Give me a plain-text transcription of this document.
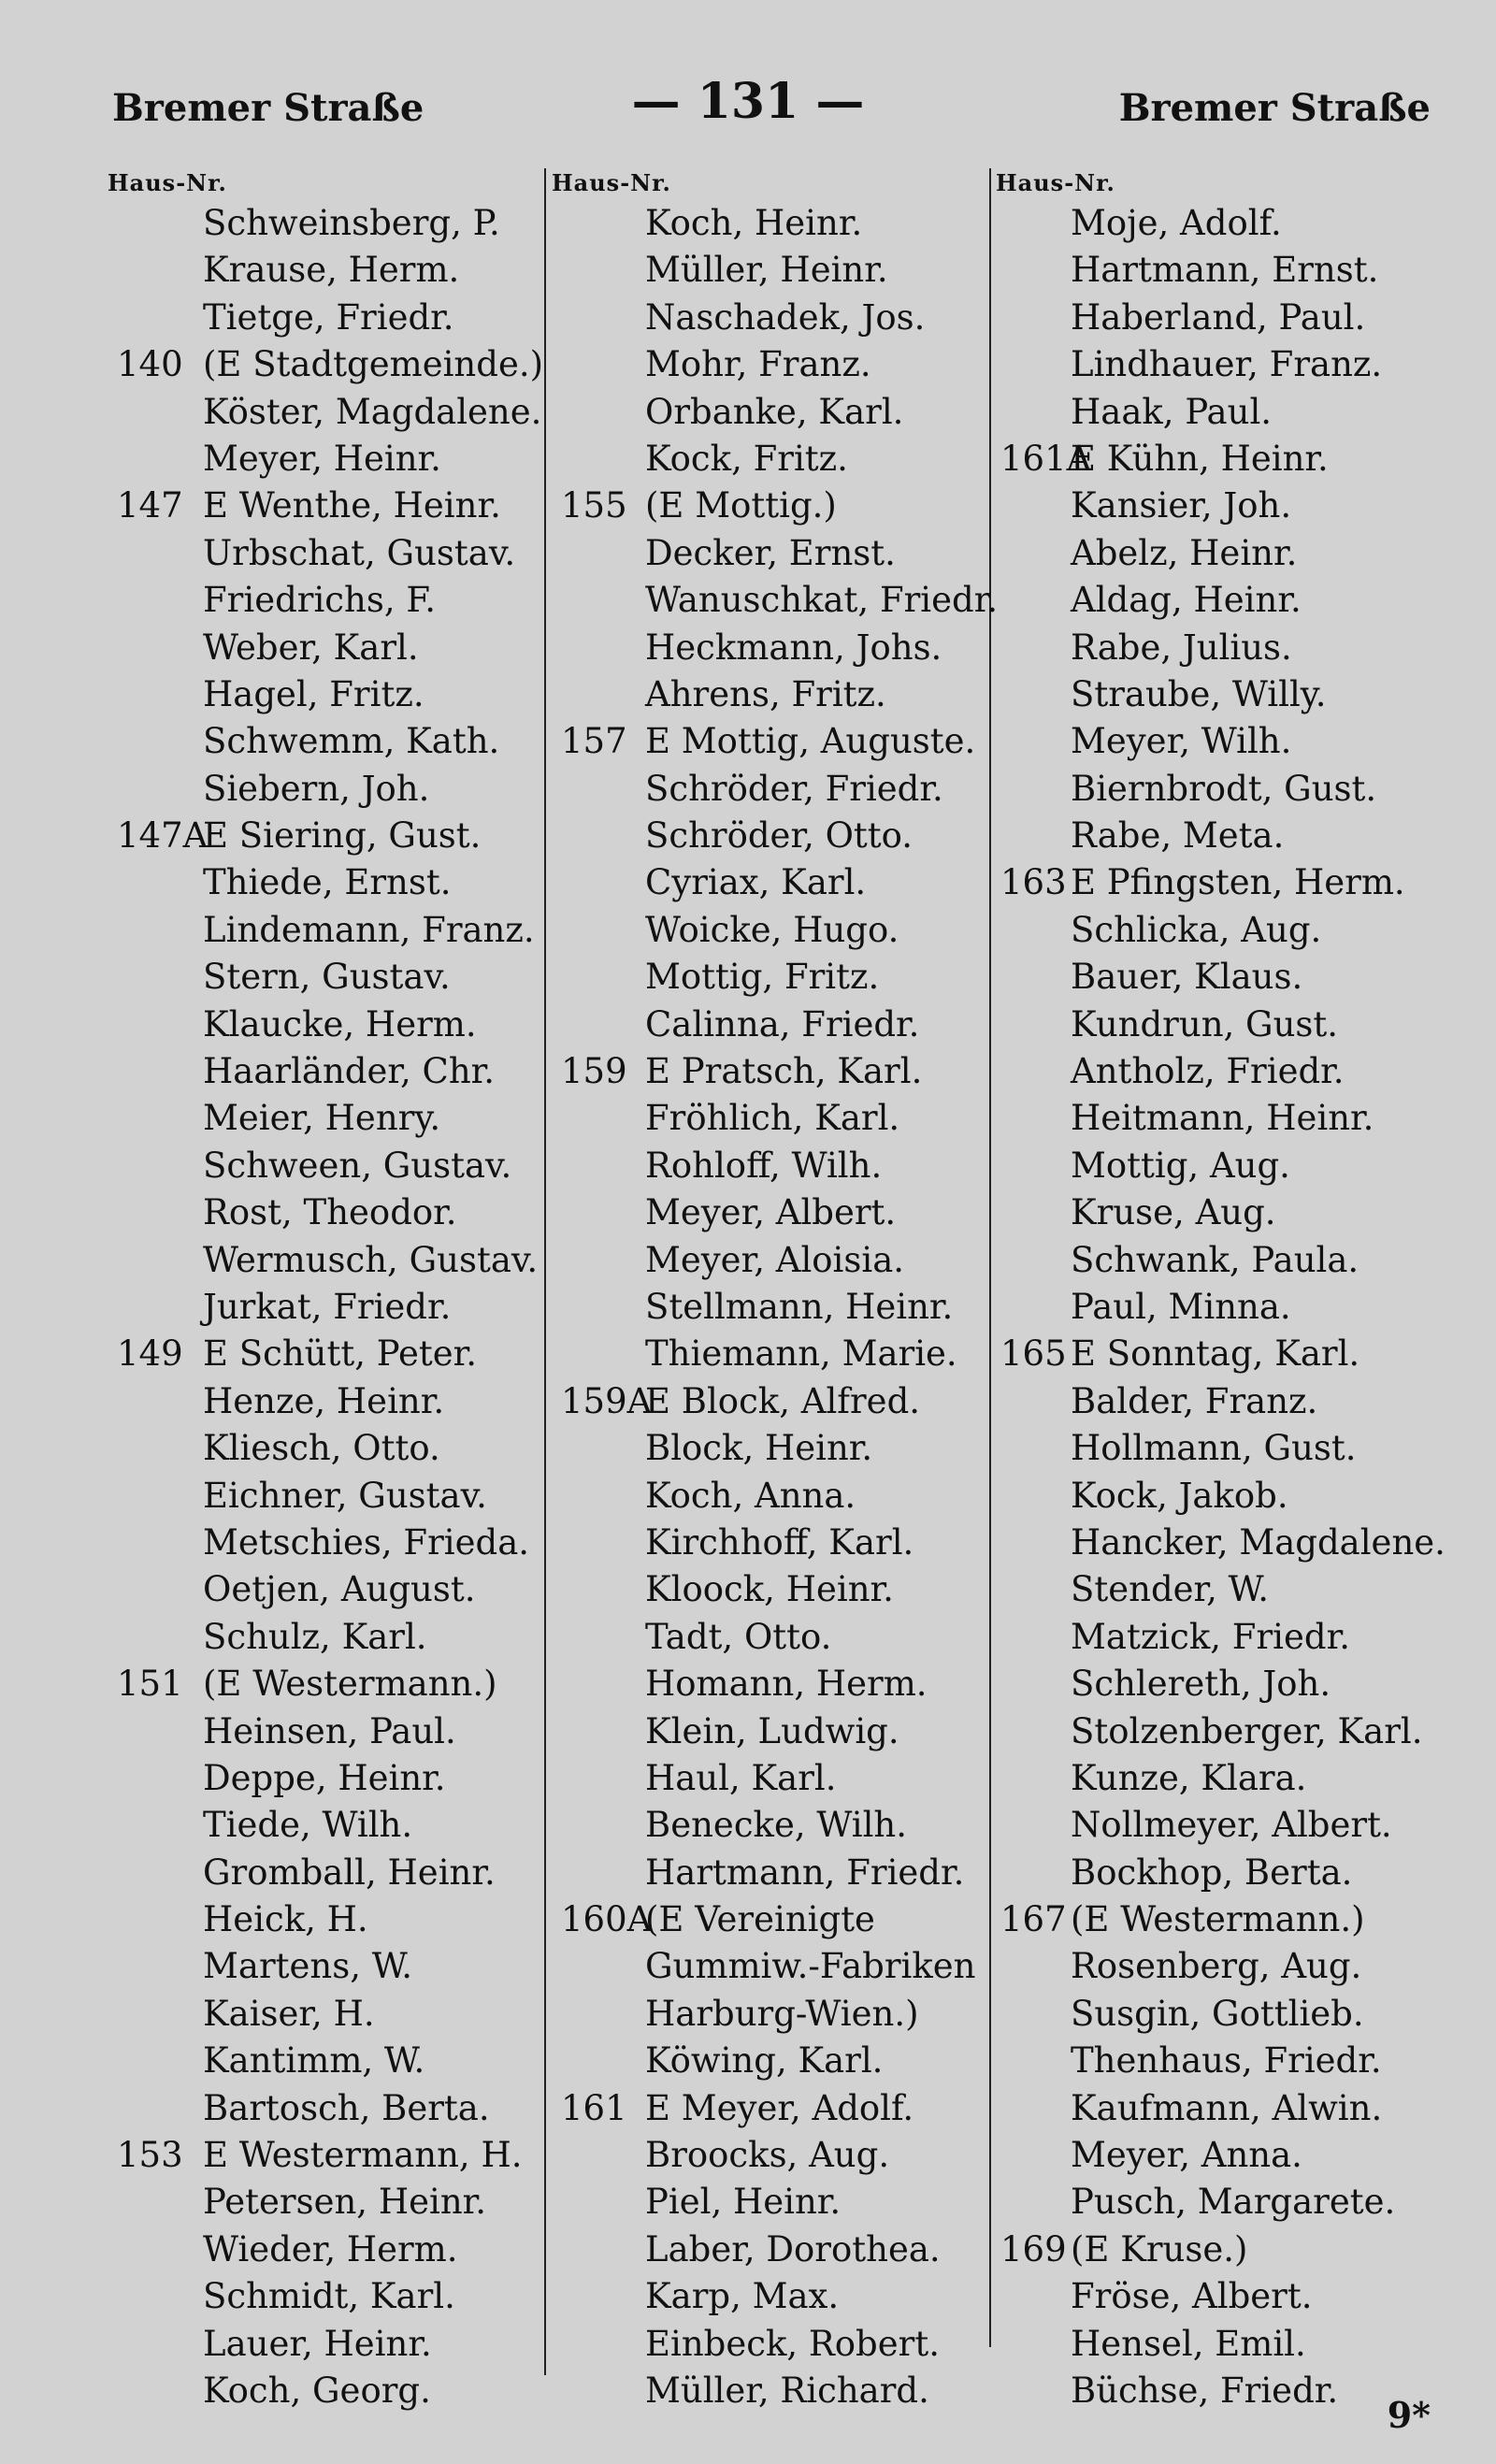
Bremer Straße	— 131 —	Bremer Straße
Haus-Nr.
Schweinsberg, P.
Krause, Herm.
Tietge, Friedr.
140 (E Stadtgemeinde.)
Köster, Magdalene.
Meyer, Heinr.
147 E Wenthe, Heinr.
Urbschat, Gustav.
Friedrichs, F.
Weber, Karl.
Hagel, Fritz.
Schwemm, Kath.
Siebern, Joh.
147A
E Siering, Gust.
Thiede, Ernst.
Lindemann, Franz.
Stern, Gustav.
Klaucke, Herm.
Haarländer, Chr.
Meier, Henry.
Schween, Gustav.
Rost, Theodor.
Wermusch, Gustav.
Jurkat, Friedr.
149 E Schütt, Peter.
Henze, Heinr.
Kliesch, Otto.
Eichner, Gustav.
Metschies, Frieda.
Oetjen, August.
Schulz, Karl.
151 (E Westermann.)
Heinsen, Paul.
Deppe, Heinr.
Tiede, Wilh.
Gromball, Heinr.
Heick, H.
Martens, W.
Kaiser, H.
Kantimm, W.
Bartosch, Berta.
153 E Westermann, H.
Petersen, Heinr.
Wieder, Herm.
Schmidt, Karl.
Lauer, Heinr.
Koch, Georg.
Haus-Nr.
Koch, Heinr.
Müller, Heinr.
Naschadek, Jos.
Mohr, Franz.
Orbanke, Karl.
Kock, Fritz.
155 (E Mottig.)
Decker, Ernst.
Wanuschkat, Friedr.
Heckmann, Johs.
Ahrens, Fritz.
157 E Mottig, Auguste.
Schröder, Friedr.
Schröder, Otto.
Cyriax, Karl.
Woicke, Hugo.
Mottig, Fritz.
Calinna, Friedr.
159 E Pratsch, Karl.
Fröhlich, Karl.
Rohloff, Wilh.
Meyer, Albert.
Meyer, Aloisia.
Stellmann, Heinr.
Thiemann, Marie.
159A
E Block, Alfred.
Block, Heinr.
Koch, Anna.
Kirchhoff, Karl.
Kloock, Heinr.
Tadt, Otto.
Homann, Herm.
Klein, Ludwig.
Haul, Karl.
Benecke, Wilh.
Hartmann, Friedr.
160A
(E Vereinigte
Gummiw.-Fabriken
Harburg-Wien.)
Köwing, Karl.
161 E Meyer, Adolf.
Broocks, Aug.
Piel, Heinr.
Laber, Dorothea.
Karp, Max.
Einbeck, Robert.
Müller, Richard.
Haus-Nr.
Moje, Adolf.
Hartmann, Ernst.
Haberland, Paul.
Lindhauer, Franz.
Haak, Paul.
161A
E Kühn, Heinr.
Kansier, Joh.
Abelz, Heinr.
Aldag, Heinr.
Rabe, Julius.
Straube, Willy.
Meyer, Wilh.
Biernbrodt, Gust.
Rabe, Meta.
163 E Pfingsten, Herm.
Schlicka, Aug.
Bauer, Klaus.
Kundrun, Gust.
Antholz, Friedr.
Heitmann, Heinr.
Mottig, Aug.
Kruse, Aug.
Schwank, Paula.
Paul, Minna.
165 E Sonntag, Karl.
Balder, Franz.
Hollmann, Gust.
Kock, Jakob.
Hancker, Magdalene.
Stender, W.
Matzick, Friedr.
Schlereth, Joh.
Stolzenberger, Karl.
Kunze, Klara.
Nollmeyer, Albert.
Bockhop, Berta.
167 (E Westermann.)
Rosenberg, Aug.
Susgin, Gottlieb.
Thenhaus, Friedr.
Kaufmann, Alwin.
Meyer, Anna.
Pusch, Margarete.
169 (E Kruse.)
Fröse, Albert.
Hensel, Emil.
Büchse, Friedr.
9*
